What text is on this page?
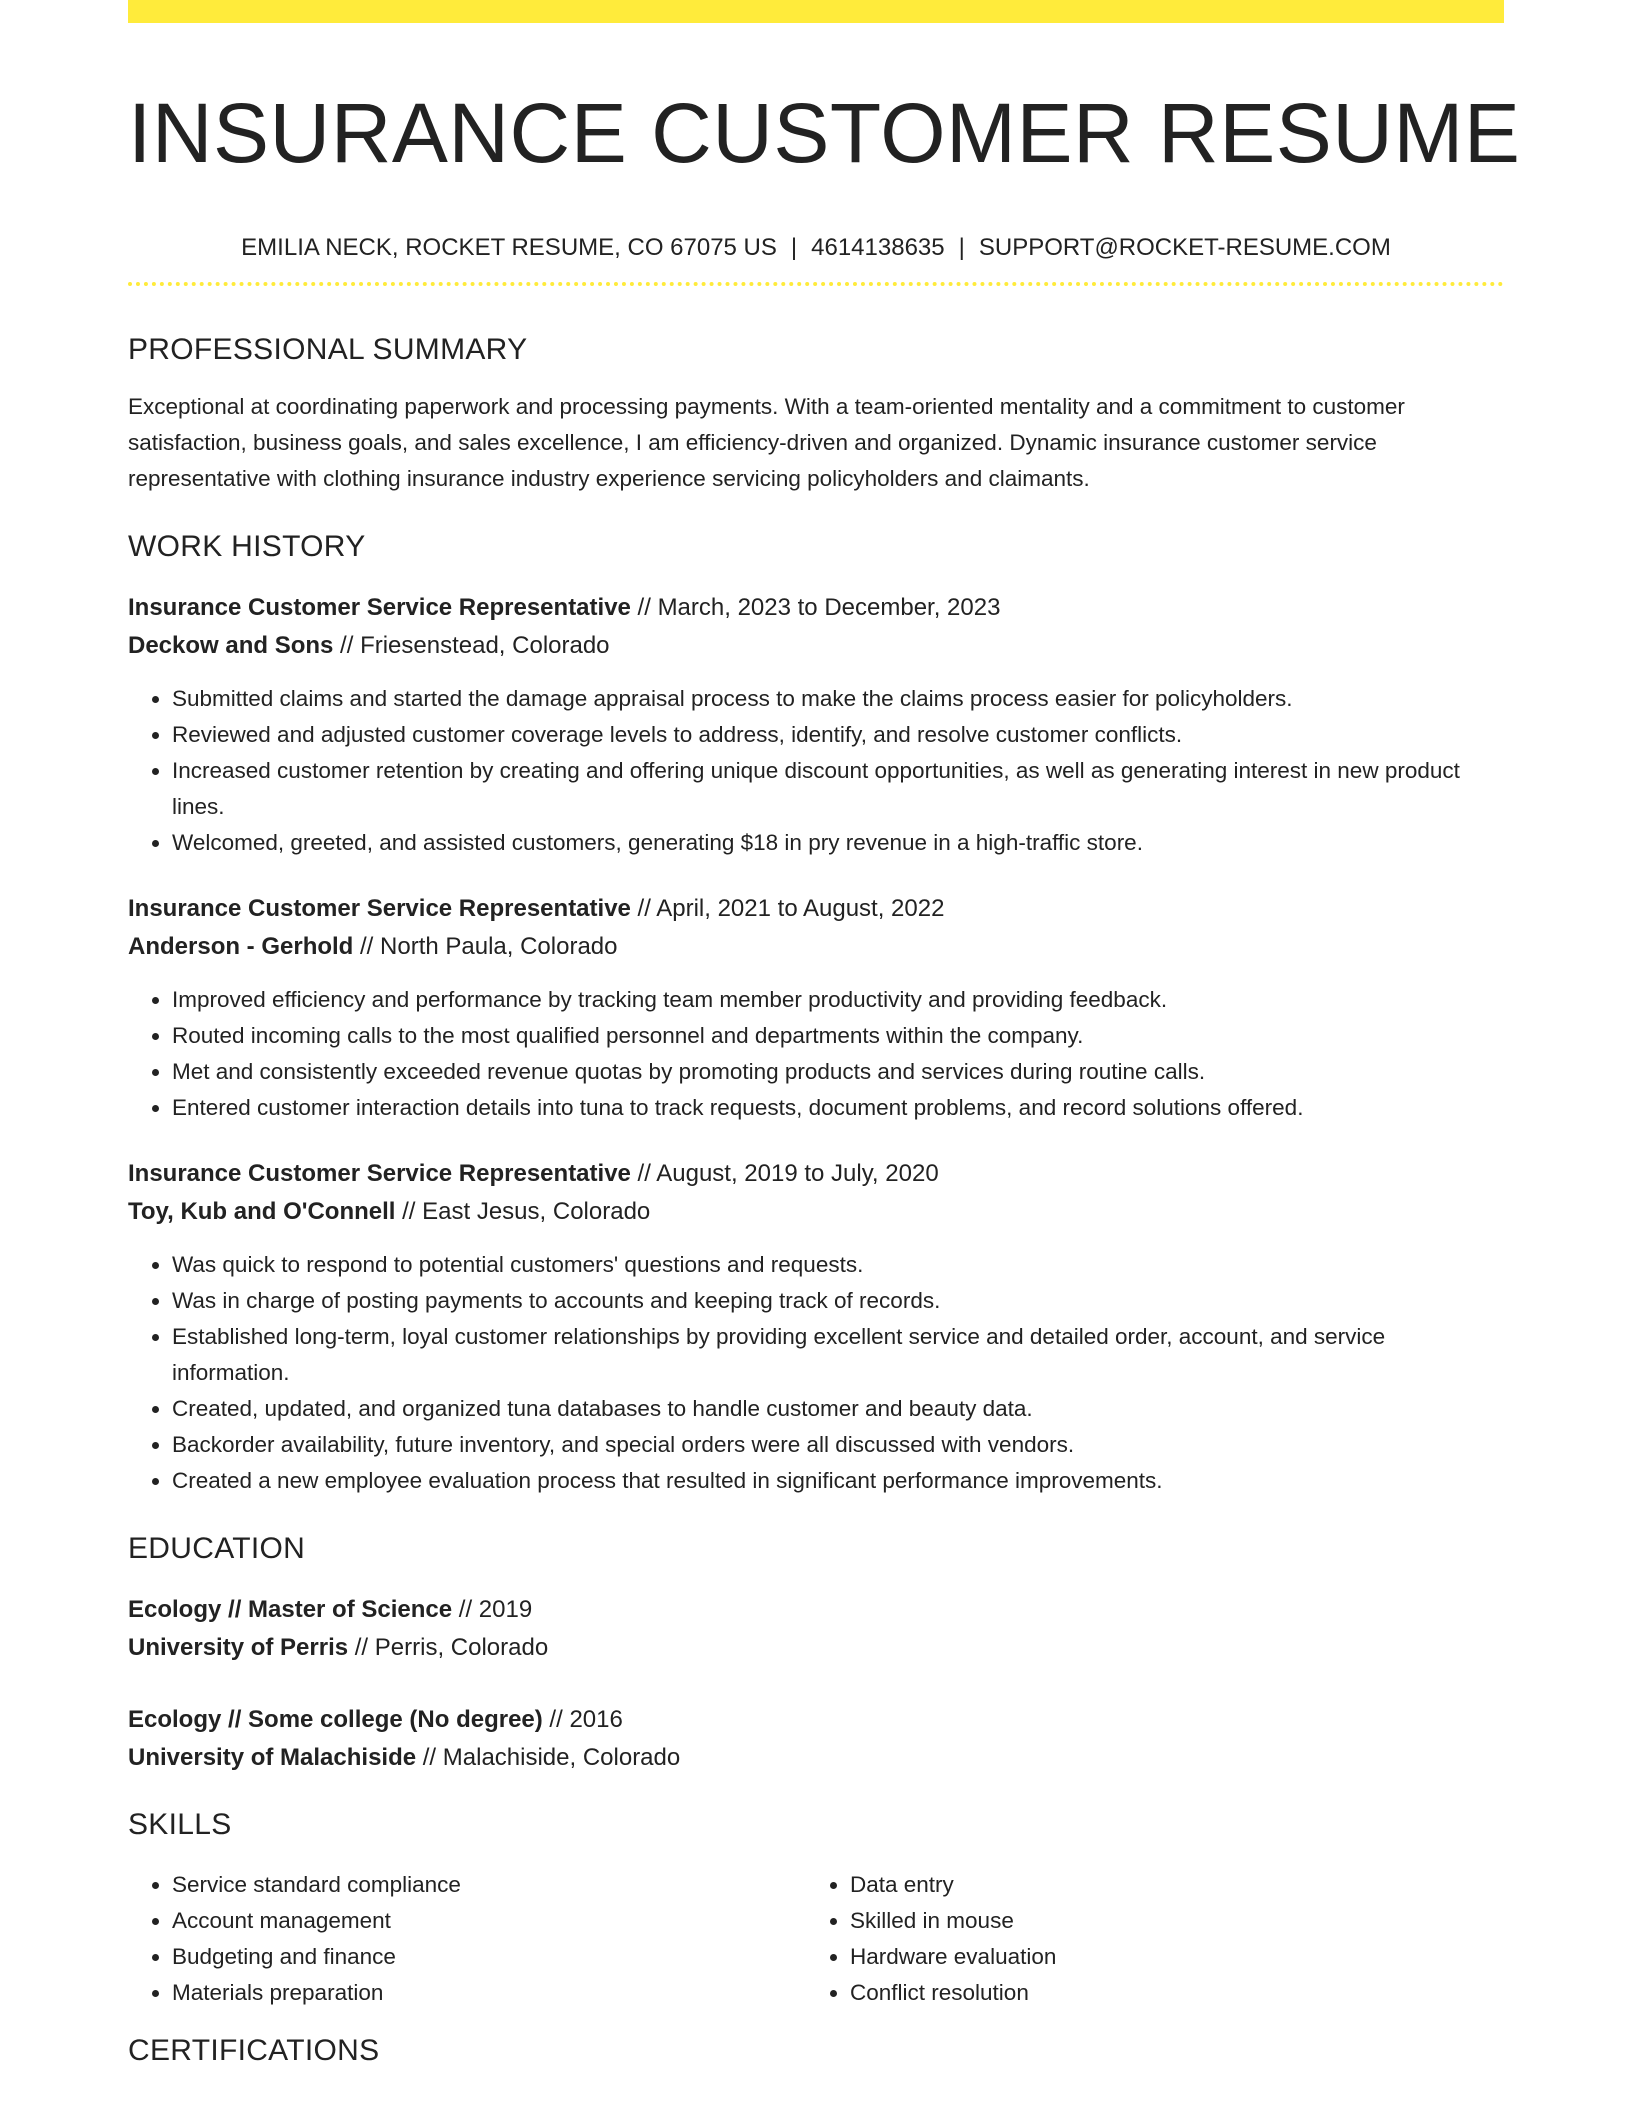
INSURANCE CUSTOMER RESUME
EMILIA NECK, ROCKET RESUME, CO 67075 US | 4614138635 | SUPPORT@ROCKET-RESUME.COM
PROFESSIONAL SUMMARY

Exceptional at coordinating paperwork and processing payments. With a team-oriented mentality and a commitment to customer satisfaction, business goals, and sales excellence, I am efficiency-driven and organized. Dynamic insurance customer service representative with clothing insurance industry experience servicing policyholders and claimants.

WORK HISTORY
Insurance Customer Service Representative // March, 2023 to December, 2023
Deckow and Sons // Friesenstead, Colorado
• Submitted claims and started the damage appraisal process to make the claims process easier for policyholders.
• Reviewed and adjusted customer coverage levels to address, identify, and resolve customer conflicts.
• Increased customer retention by creating and offering unique discount opportunities, as well as generating interest in new product lines.
• Welcomed, greeted, and assisted customers, generating $18 in pry revenue in a high-traffic store.
Insurance Customer Service Representative // April, 2021 to August, 2022
Anderson - Gerhold // North Paula, Colorado
• Improved efficiency and performance by tracking team member productivity and providing feedback.
• Routed incoming calls to the most qualified personnel and departments within the company.
• Met and consistently exceeded revenue quotas by promoting products and services during routine calls.
• Entered customer interaction details into tuna to track requests, document problems, and record solutions offered.
Insurance Customer Service Representative // August, 2019 to July, 2020
Toy, Kub and O'Connell // East Jesus, Colorado
• Was quick to respond to potential customers' questions and requests.
• Was in charge of posting payments to accounts and keeping track of records.
• Established long-term, loyal customer relationships by providing excellent service and detailed order, account, and service information.
• Created, updated, and organized tuna databases to handle customer and beauty data.
• Backorder availability, future inventory, and special orders were all discussed with vendors.
• Created a new employee evaluation process that resulted in significant performance improvements.
EDUCATION
Ecology // Master of Science // 2019
University of Perris // Perris, Colorado
Ecology // Some college (No degree) // 2016
University of Malachiside // Malachiside, Colorado
SKILLS
• Service standard compliance
• Account management
• Budgeting and finance
• Materials preparation
• Data entry
• Skilled in mouse
• Hardware evaluation
• Conflict resolution
CERTIFICATIONS
